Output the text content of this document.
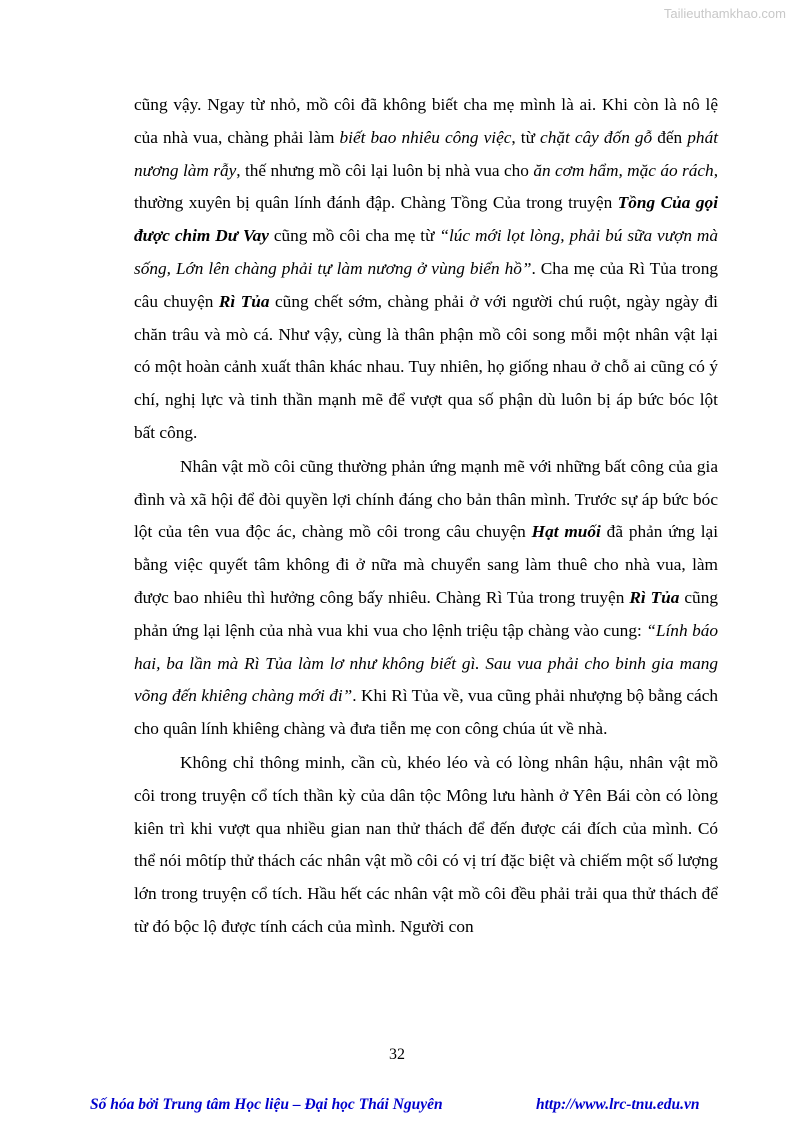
Tailieuthamkhao.com

cũng vậy. Ngay từ nhỏ, mồ côi đã không biết cha mẹ mình là ai. Khi còn là nô lệ của nhà vua, chàng phải làm biết bao nhiêu công việc, từ chặt cây đốn gỗ đến phát nương làm rẫy, thế nhưng mồ côi lại luôn bị nhà vua cho ăn cơm hẩm, mặc áo rách, thường xuyên bị quân lính đánh đập. Chàng Tồng Của trong truyện Tồng Của gọi được chim Dư Vay cũng mồ côi cha mẹ từ “lúc mới lọt lòng, phải bú sữa vượn mà sống, Lớn lên chàng phải tự làm nương ở vùng biển hồ”. Cha mẹ của Rì Tủa trong câu chuyện Rì Tủa cũng chết sớm, chàng phải ở với người chú ruột, ngày ngày đi chăn trâu và mò cá. Như vậy, cùng là thân phận mồ côi song mỗi một nhân vật lại có một hoàn cảnh xuất thân khác nhau. Tuy nhiên, họ giống nhau ở chỗ ai cũng có ý chí, nghị lực và tinh thần mạnh mẽ để vượt qua số phận dù luôn bị áp bức bóc lột bất công.

Nhân vật mồ côi cũng thường phản ứng mạnh mẽ với những bất công của gia đình và xã hội để đòi quyền lợi chính đáng cho bản thân mình. Trước sự áp bức bóc lột của tên vua độc ác, chàng mồ côi trong câu chuyện Hạt muối đã phản ứng lại bằng việc quyết tâm không đi ở nữa mà chuyển sang làm thuê cho nhà vua, làm được bao nhiêu thì hưởng công bấy nhiêu. Chàng Rì Tủa trong truyện Rì Tủa cũng phản ứng lại lệnh của nhà vua khi vua cho lệnh triệu tập chàng vào cung: “Lính báo hai, ba lần mà Rì Tủa làm lơ như không biết gì. Sau vua phải cho binh gia mang võng đến khiêng chàng mới đi”. Khi Rì Tủa về, vua cũng phải nhượng bộ bằng cách cho quân lính khiêng chàng và đưa tiễn mẹ con công chúa út về nhà.

Không chỉ thông minh, cần cù, khéo léo và có lòng nhân hậu, nhân vật mồ côi trong truyện cổ tích thần kỳ của dân tộc Mông lưu hành ở Yên Bái còn có lòng kiên trì khi vượt qua nhiều gian nan thử thách để đến được cái đích của mình. Có thể nói môtíp thử thách các nhân vật mồ côi có vị trí đặc biệt và chiếm một số lượng lớn trong truyện cổ tích. Hầu hết các nhân vật mồ côi đều phải trải qua thử thách để từ đó bộc lộ được tính cách của mình. Người con

32
Số hóa bởi Trung tâm Học liệu – Đại học Thái Nguyên	http://www.lrc-tnu.edu.vn
